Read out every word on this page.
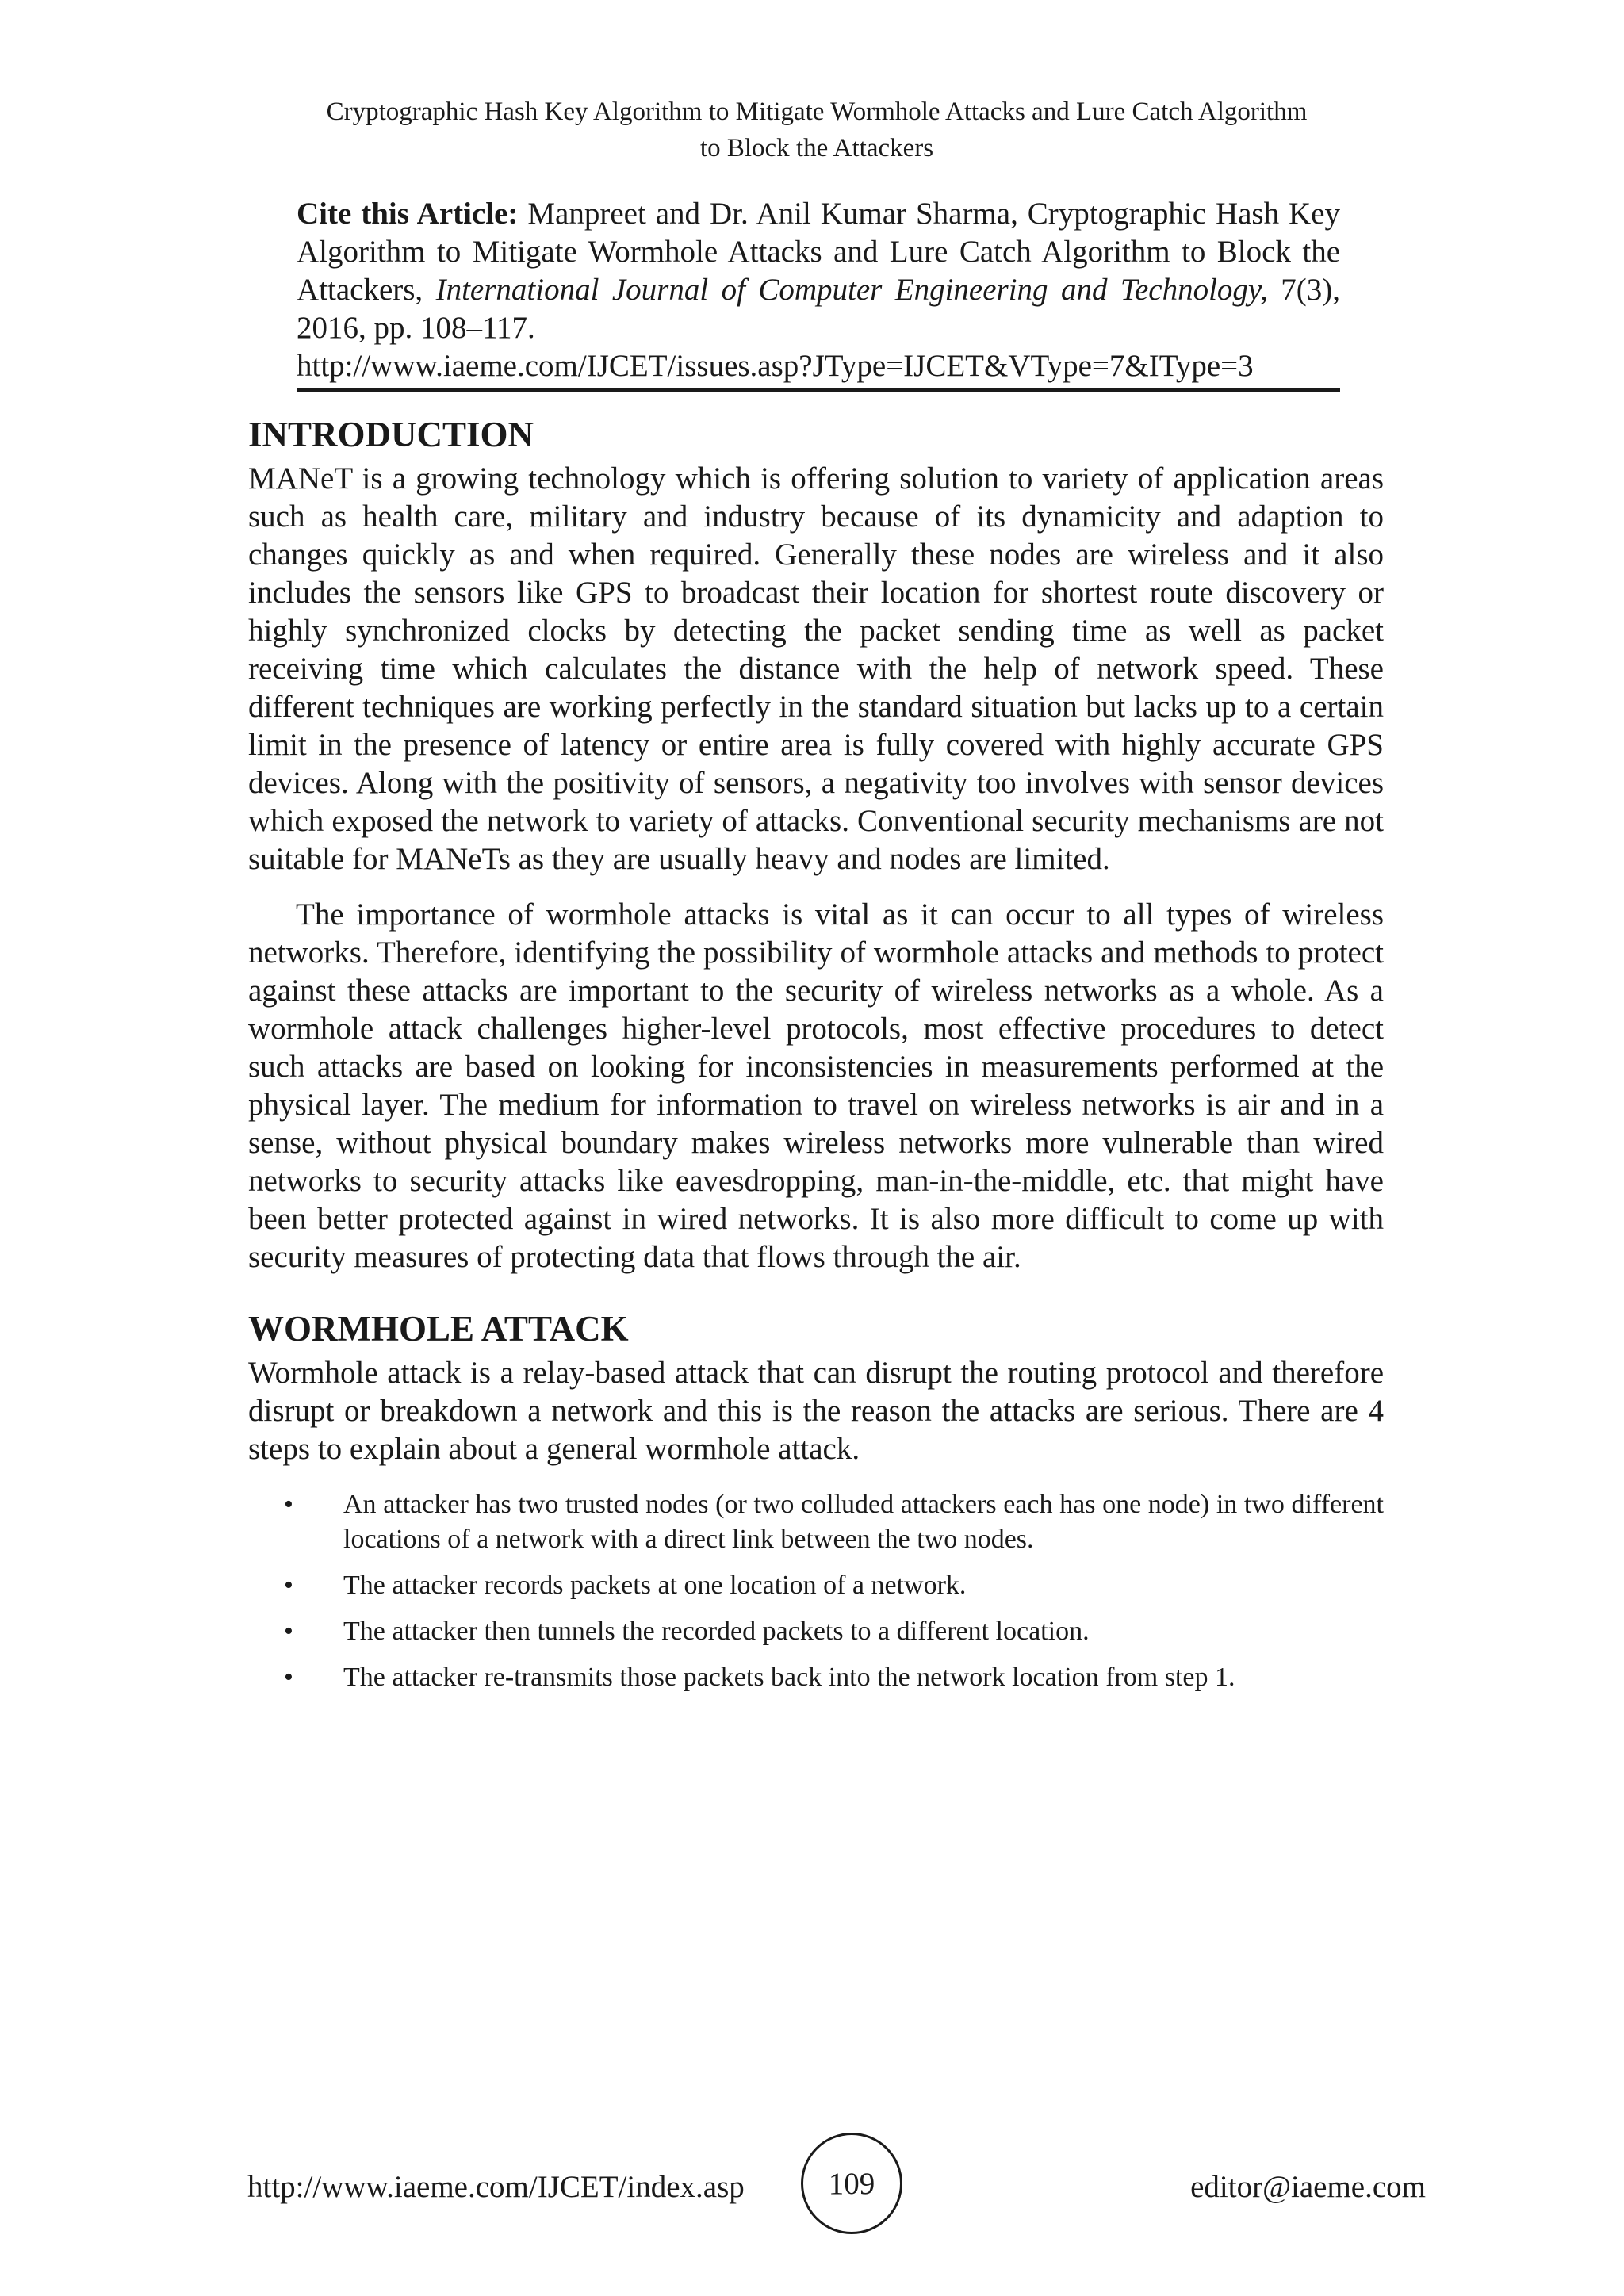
Cryptographic Hash Key Algorithm to Mitigate Wormhole Attacks and Lure Catch Algorithm
to Block the Attackers
Cite this Article: Manpreet and Dr. Anil Kumar Sharma, Cryptographic Hash Key Algorithm to Mitigate Wormhole Attacks and Lure Catch Algorithm to Block the Attackers, International Journal of Computer Engineering and Technology, 7(3), 2016, pp. 108–117.
http://www.iaeme.com/IJCET/issues.asp?JType=IJCET&VType=7&IType=3
INTRODUCTION

MANeT is a growing technology which is offering solution to variety of application areas such as health care, military and industry because of its dynamicity and adaption to changes quickly as and when required. Generally these nodes are wireless and it also includes the sensors like GPS to broadcast their location for shortest route discovery or highly synchronized clocks by detecting the packet sending time as well as packet receiving time which calculates the distance with the help of network speed. These different techniques are working perfectly in the standard situation but lacks up to a certain limit in the presence of latency or entire area is fully covered with highly accurate GPS devices. Along with the positivity of sensors, a negativity too involves with sensor devices which exposed the network to variety of attacks. Conventional security mechanisms are not suitable for MANeTs as they are usually heavy and nodes are limited.

The importance of wormhole attacks is vital as it can occur to all types of wireless networks. Therefore, identifying the possibility of wormhole attacks and methods to protect against these attacks are important to the security of wireless networks as a whole. As a wormhole attack challenges higher-level protocols, most effective procedures to detect such attacks are based on looking for inconsistencies in measurements performed at the physical layer. The medium for information to travel on wireless networks is air and in a sense, without physical boundary makes wireless networks more vulnerable than wired networks to security attacks like eavesdropping, man-in-the-middle, etc. that might have been better protected against in wired networks. It is also more difficult to come up with security measures of protecting data that flows through the air.

WORMHOLE ATTACK

Wormhole attack is a relay-based attack that can disrupt the routing protocol and therefore disrupt or breakdown a network and this is the reason the attacks are serious. There are 4 steps to explain about a general wormhole attack.

• An attacker has two trusted nodes (or two colluded attackers each has one node) in two different locations of a network with a direct link between the two nodes.
• The attacker records packets at one location of a network.
• The attacker then tunnels the recorded packets to a different location.
• The attacker re-transmits those packets back into the network location from step 1.
http://www.iaeme.com/IJCET/index.asp	109	editor@iaeme.com
